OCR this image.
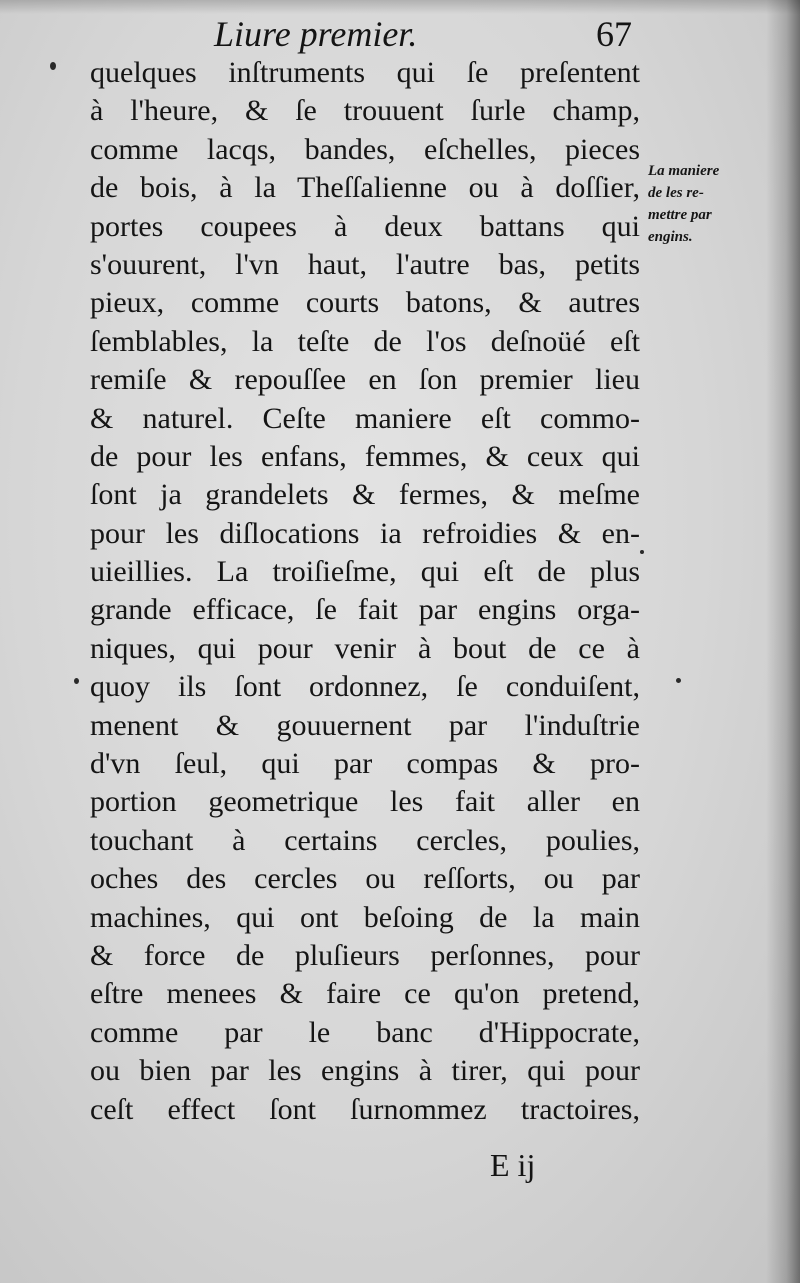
Liure premier.	67
quelques inſtruments qui ſe preſentent
à l'heure, & ſe trouuent ſurle champ,
comme lacqs, bandes, eſchelles, pieces
de bois, à la Theſſalienne ou à doſſier,
portes coupees à deux battans qui
s'ouurent, l'vn haut, l'autre bas, petits
pieux, comme courts batons, & autres
ſemblables, la teſte de l'os deſnoüé eſt
remiſe & repouſſee en ſon premier lieu
& naturel. Ceſte maniere eſt commo-
de pour les enfans, femmes, & ceux qui
ſont ja grandelets & fermes, & meſme
pour les diſlocations ia refroidies & en-
uieillies. La troiſieſme, qui eſt de plus
grande efficace, ſe fait par engins orga-
niques, qui pour venir à bout de ce à
quoy ils ſont ordonnez, ſe conduiſent,
menent & gouuernent par l'induſtrie
d'vn ſeul, qui par compas & pro-
portion geometrique les fait aller en
touchant à certains cercles, poulies,
oches des cercles ou reſſorts, ou par
machines, qui ont beſoing de la main
& force de pluſieurs perſonnes, pour
eſtre menees & faire ce qu'on pretend,
comme par le banc d'Hippocrate,
ou bien par les engins à tirer, qui pour
ceſt effect ſont ſurnommez tractoires,
La maniere
de les re-
mettre par
engins.
E ij
